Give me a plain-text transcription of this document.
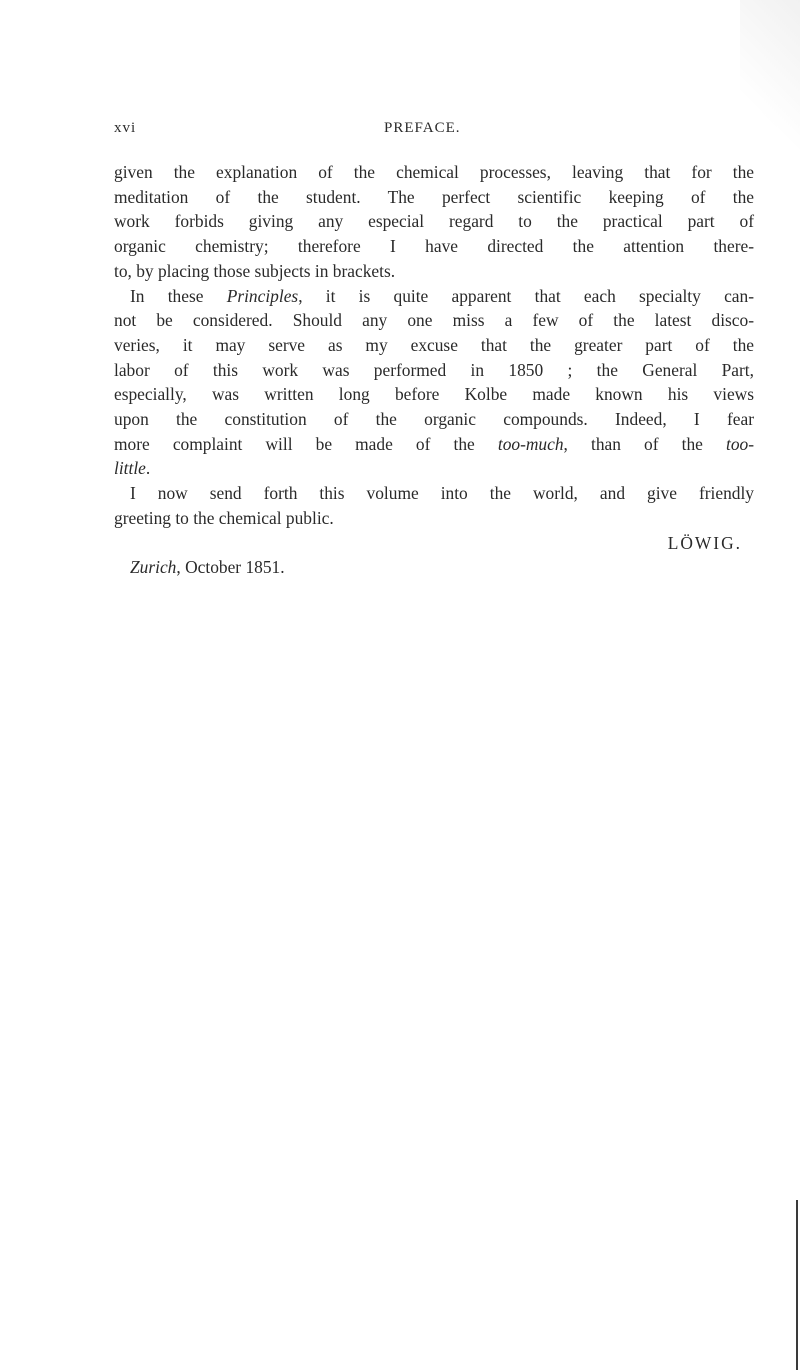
xvi	PREFACE.
given the explanation of the chemical processes, leaving that for the
meditation of the student. The perfect scientific keeping of the
work forbids giving any especial regard to the practical part of
organic chemistry; therefore I have directed the attention there-
to, by placing those subjects in brackets.
In these Principles, it is quite apparent that each specialty can-
not be considered. Should any one miss a few of the latest disco-
veries, it may serve as my excuse that the greater part of the
labor of this work was performed in 1850 ; the General Part,
especially, was written long before Kolbe made known his views
upon the constitution of the organic compounds. Indeed, I fear
more complaint will be made of the too-much, than of the too-
little.
I now send forth this volume into the world, and give friendly
greeting to the chemical public.
LÖWIG.
Zurich, October 1851.
